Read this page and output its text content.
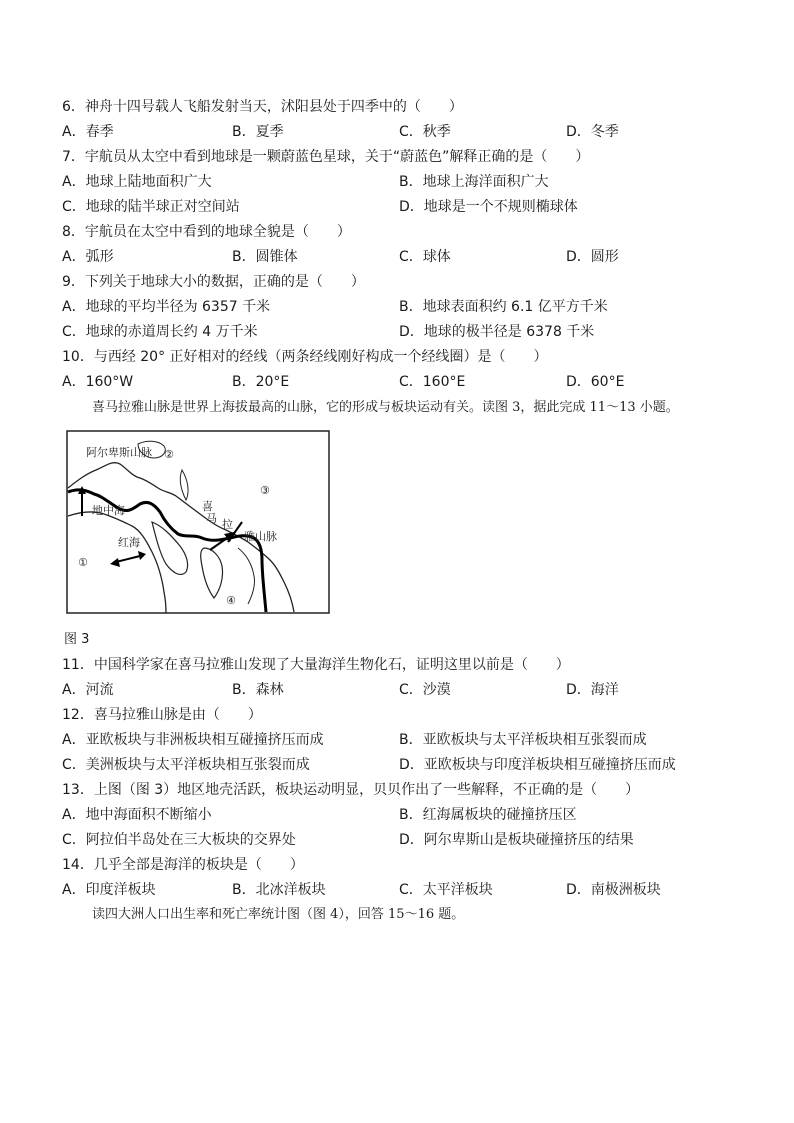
6．神舟十四号载人飞船发射当天，沭阳县处于四季中的（　　）
A．春季	B．夏季	C．秋季	D．冬季
7．宇航员从太空中看到地球是一颗蔚蓝色星球，关于“蔚蓝色”解释正确的是（　　）
A．地球上陆地面积广大	B．地球上海洋面积广大
C．地球的陆半球正对空间站	D．地球是一个不规则椭球体
8．宇航员在太空中看到的地球全貌是（　　）
A．弧形	B．圆锥体	C．球体	D．圆形
9．下列关于地球大小的数据，正确的是（　　）
A．地球的平均半径为 6357 千米	B．地球表面积约 6.1 亿平方千米
C．地球的赤道周长约 4 万千米	D．地球的极半径是 6378 千米
10．与西经 20° 正好相对的经线（两条经线刚好构成一个经线圈）是（　　）
A．160°W	B．20°E	C．160°E	D．60°E
喜马拉雅山脉是世界上海拔最高的山脉，它的形成与板块运动有关。读图 3，据此完成 11～13 小题。
阿尔卑斯山脉 ②
③
喜
马 拉
雅山脉
地中海
红海
①
④
图 3
11．中国科学家在喜马拉雅山发现了大量海洋生物化石，证明这里以前是（　　）
A．河流	B．森林	C．沙漠	D．海洋
12．喜马拉雅山脉是由（　　）
A．亚欧板块与非洲板块相互碰撞挤压而成	B．亚欧板块与太平洋板块相互张裂而成
C．美洲板块与太平洋板块相互张裂而成	D．亚欧板块与印度洋板块相互碰撞挤压而成
13．上图（图 3）地区地壳活跃，板块运动明显，贝贝作出了一些解释，不正确的是（　　）
A．地中海面积不断缩小	B．红海属板块的碰撞挤压区
C．阿拉伯半岛处在三大板块的交界处	D．阿尔卑斯山是板块碰撞挤压的结果
14．几乎全部是海洋的板块是（　　）
A．印度洋板块	B．北冰洋板块	C．太平洋板块	D．南极洲板块
读四大洲人口出生率和死亡率统计图（图 4），回答 15～16 题。
